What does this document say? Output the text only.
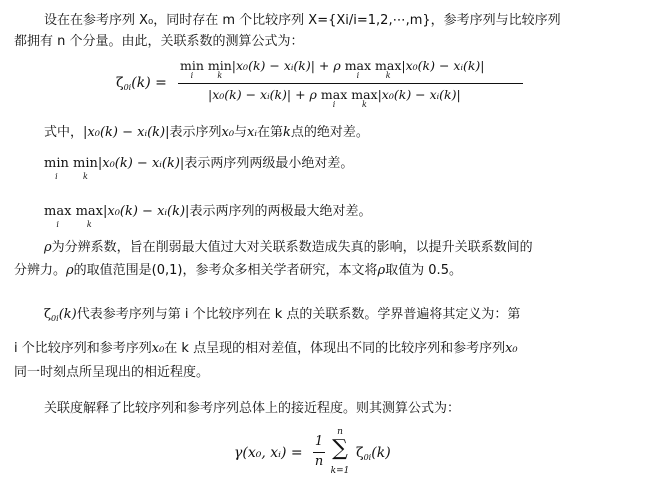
设在在参考序列 X₀，同时存在 m 个比较序列 X={Xi/i=1,2,⋯,m}，参考序列与比较序列
都拥有 n 个分量。由此，关联系数的测算公式为：
$\zeta_{0i}(k)$ =
min
i
min
k
|x₀(k) − xᵢ(k)| + ρ max
i
max
k
|x₀(k) − xᵢ(k)|
|x₀(k) − xᵢ(k)| + ρ max
i
max
k
|x₀(k) − xᵢ(k)|
式中，|x₀(k) − xᵢ(k)|表示序列x₀与xᵢ在第k点的绝对差。
min
i
min
k
|x₀(k) − xᵢ(k)|表示两序列两级最小绝对差。
max
i
max
k
|x₀(k) − xᵢ(k)|表示两序列的两极最大绝对差。
ρ为分辨系数，旨在削弱最大值过大对关联系数造成失真的影响，以提升关联系数间的
分辨力。ρ的取值范围是(0,1)，参考众多相关学者研究，本文将ρ取值为 0.5。
$\zeta_{0i}(k)$代表参考序列与第 i 个比较序列在 k 点的关联系数。学界普遍将其定义为：第
i 个比较序列和参考序列x₀在 k 点呈现的相对差值，体现出不同的比较序列和参考序列x₀
同一时刻点所呈现出的相近程度。
关联度解释了比较序列和参考序列总体上的接近程度。则其测算公式为：
γ(x₀, xᵢ) =
1
n
n
∑
k=1
$\zeta_{0i}(k)$
